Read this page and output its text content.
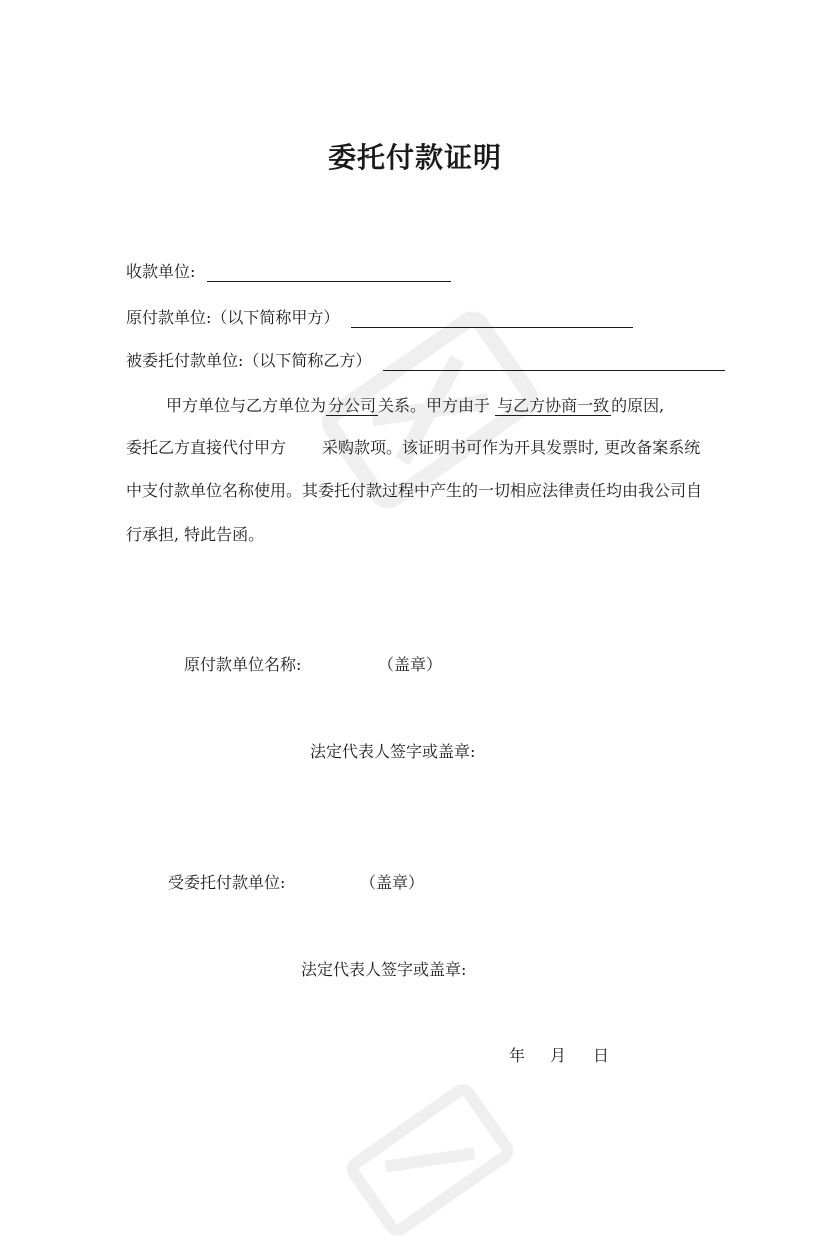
委托付款证明
收款单位:
原付款单位:（以下简称甲方）
被委托付款单位:（以下简称乙方）
甲方单位与乙方单位为 分公司 关系。甲方由于 与乙方协商一致 的原因,
委托乙方直接代付甲方 采购款项。该证明书可作为开具发票时, 更改备案系统
中支付款单位名称使用。其委托付款过程中产生的一切相应法律责任均由我公司自
行承担, 特此告函。
原付款单位名称:	（盖章）
法定代表人签字或盖章:
受委托付款单位:	（盖章）
法定代表人签字或盖章:
年 月 日
